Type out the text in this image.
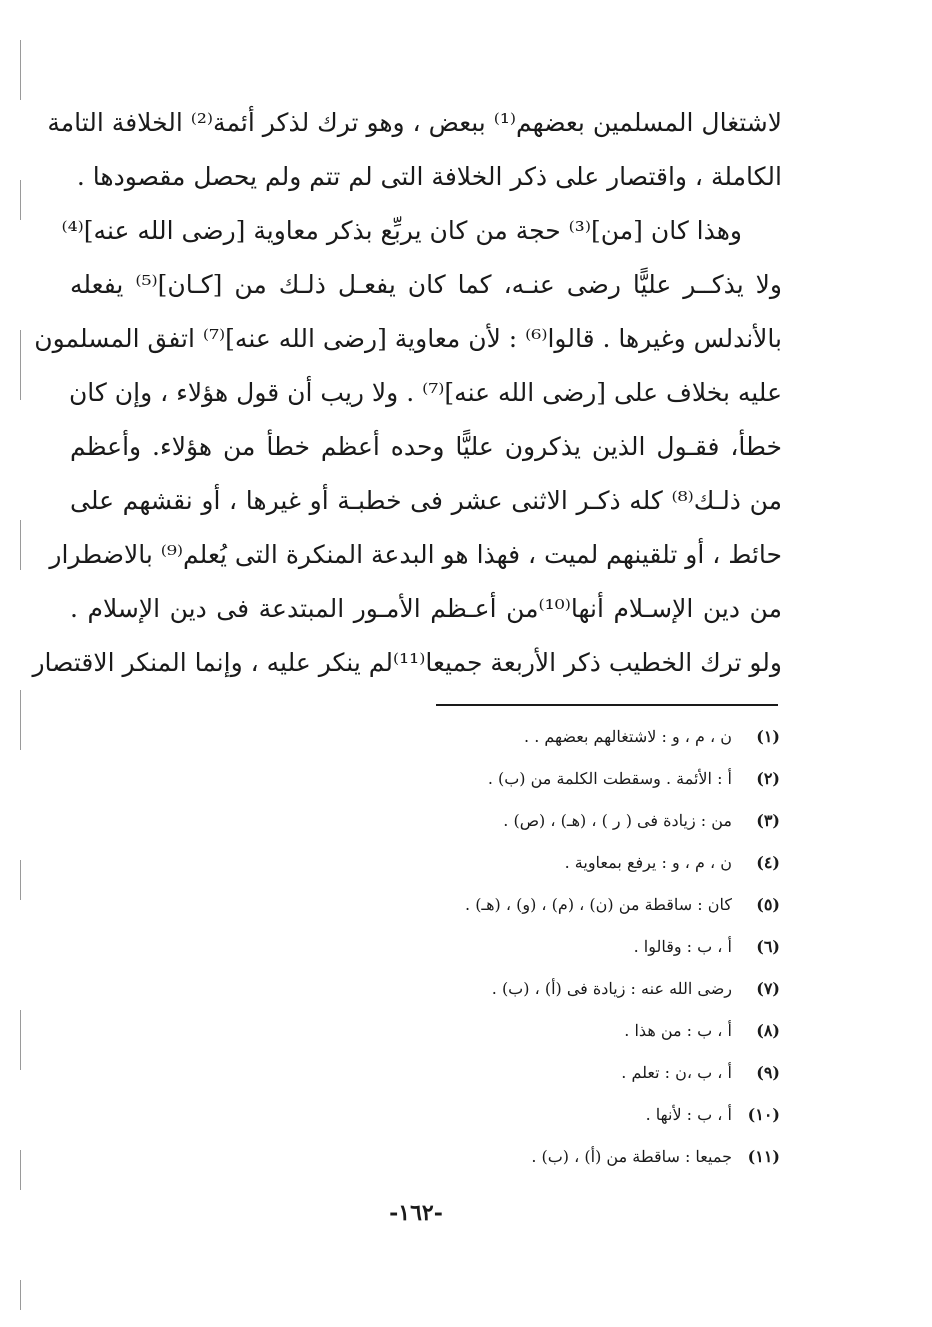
لاشتغال المسلمين بعضهم⁽¹⁾ ببعض ، وهو ترك لذكر أئمة⁽²⁾ الخلافة التامة
الكاملة ، واقتصار على ذكر الخلافة التى لم تتم ولم يحصل مقصودها .
وهذا كان [من]⁽³⁾ حجة من كان يربِّع بذكر معاوية [رضى الله عنه]⁽⁴⁾
ولا يذكــر عليًّا رضى عنـه، كما كان يفعـل ذلـك من [كـان]⁽⁵⁾ يفعله
بالأندلس وغيرها . قالوا⁽⁶⁾ : لأن معاوية [رضى الله عنه]⁽⁷⁾ اتفق المسلمون
عليه بخلاف على [رضى الله عنه]⁽⁷⁾ . ولا ريب أن قول هؤلاء ، وإن كان
خطأ، فقـول الذين يذكرون عليًّا وحده أعظم خطأ من هؤلاء. وأعظم
من ذلـك⁽⁸⁾ كله ذكـر الاثنى عشر فى خطبـة أو غيرها ، أو نقشهم على
حائط ، أو تلقينهم لميت ، فهذا هو البدعة المنكرة التى يُعلم⁽⁹⁾ بالاضطرار
من دين الإسـلام أنها⁽¹⁰⁾من أعـظم الأمـور المبتدعة فى دين الإسلام .
ولو ترك الخطيب ذكر الأربعة جميعا⁽¹¹⁾لم ينكر عليه ، وإنما المنكر الاقتصار
(١)ن ، م ، و : لاشتغالهم بعضهم . .
(٢)أ : الأئمة . وسقطت الكلمة من (ب) .
(٣)من : زيادة فى ( ر ) ، (هـ) ، (ص) .
(٤)ن ، م ، و : يرفع بمعاوية .
(٥)كان : ساقطة من (ن) ، (م) ، (و) ، (هـ) .
(٦)أ ، ب : وقالوا .
(٧)رضى الله عنه : زيادة فى (أ) ، (ب) .
(٨)أ ، ب : من هذا .
(٩)أ ، ب ،ن : تعلم .
(١٠)أ ، ب : لأنها .
(١١)جميعا : ساقطة من (أ) ، (ب) .
-١٦٢-
